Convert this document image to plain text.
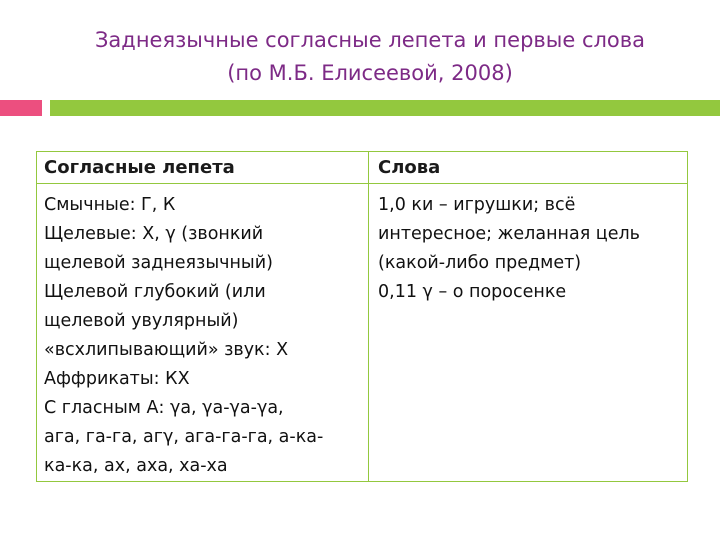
Заднеязычные согласные лепета и первые слова
(по М.Б. Елисеевой, 2008)
Согласные лепета	Слова
Смычные: Г, К
Щелевые: Х, γ (звонкий
щелевой заднеязычный)
Щелевой глубокий (или
щелевой увулярный)
«всхлипывающий» звук: Х
Аффрикаты: КХ
С гласным А: γа, γа-γа-γа,
ага, га-га, агγ, ага-га-га, а-ка-
ка-ка, ах, аха, ха-ха
1,0 ки – игрушки; всё
интересное; желанная цель
(какой-либо предмет)
0,11 γ – о поросенке
